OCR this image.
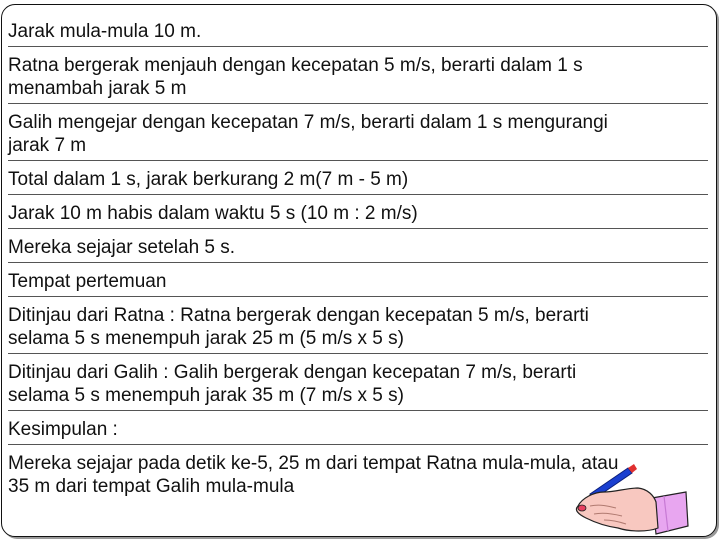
Jarak mula-mula 10 m.

Ratna bergerak menjauh dengan kecepatan 5 m/s, berarti dalam 1 s
menambah jarak 5 m

Galih mengejar dengan kecepatan 7 m/s, berarti dalam 1 s mengurangi
jarak 7 m

Total dalam 1 s, jarak berkurang 2 m(7 m - 5 m)

Jarak 10 m habis dalam waktu 5 s (10 m : 2 m/s)

Mereka sejajar setelah 5 s.

Tempat pertemuan

Ditinjau dari Ratna : Ratna bergerak dengan kecepatan 5 m/s, berarti
selama 5 s menempuh jarak 25 m (5 m/s x 5 s)

Ditinjau dari Galih : Galih bergerak dengan kecepatan 7 m/s, berarti
selama 5 s menempuh jarak 35 m (7 m/s x 5 s)

Kesimpulan :

Mereka sejajar pada detik ke-5, 25 m dari tempat Ratna mula-mula, atau
35 m dari tempat Galih mula-mula
